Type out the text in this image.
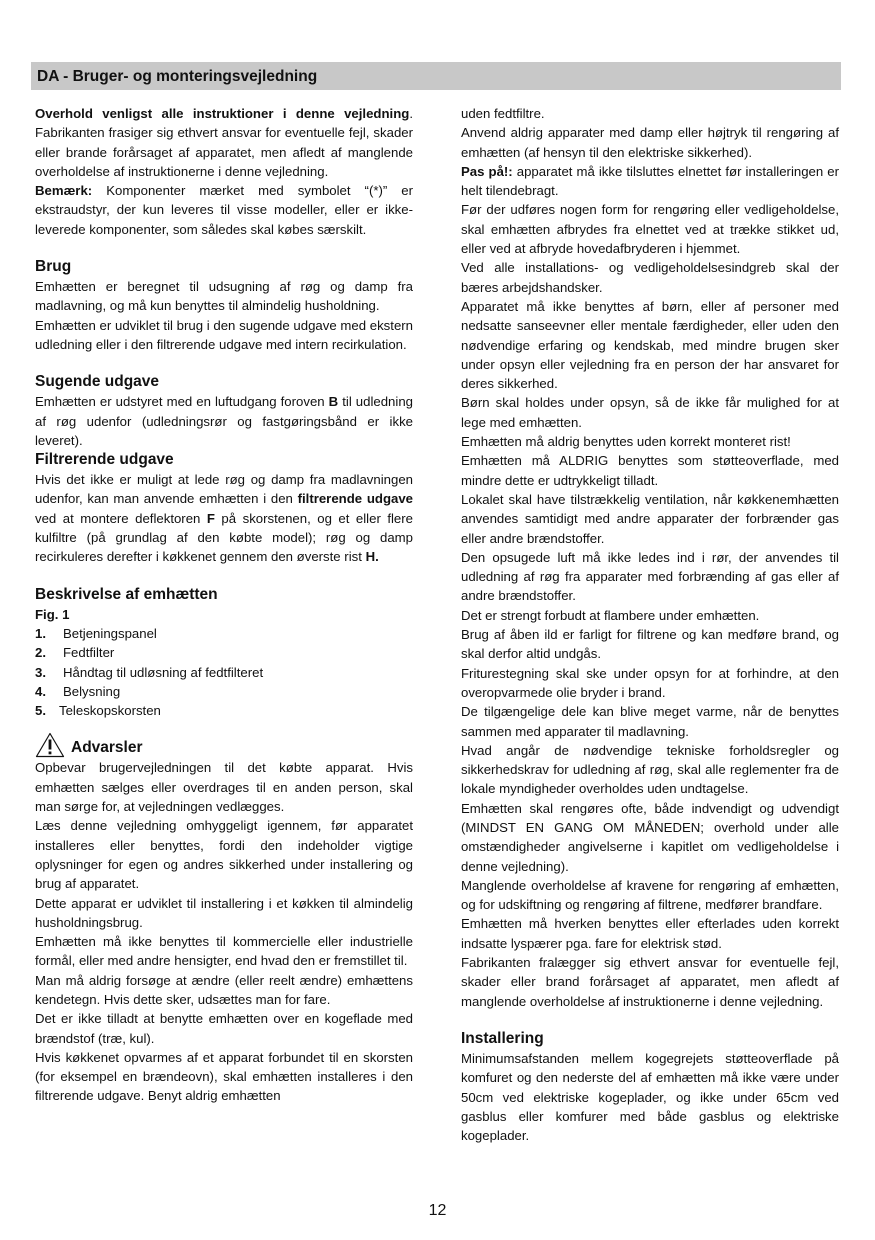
DA - Bruger- og monteringsvejledning

Overhold venligst alle instruktioner i denne vejledning. Fabrikanten frasiger sig ethvert ansvar for eventuelle fejl, skader eller brande forårsaget af apparatet, men afledt af manglende overholdelse af instruktionerne i denne vejledning.

Bemærk: Komponenter mærket med symbolet “(*)” er ekstraudstyr, der kun leveres til visse modeller, eller er ikke-leverede komponenter, som således skal købes særskilt.

Brug

Emhætten er beregnet til udsugning af røg og damp fra madlavning, og må kun benyttes til almindelig husholdning.

Emhætten er udviklet til brug i den sugende udgave med ekstern udledning eller i den filtrerende udgave med intern recirkulation.

Sugende udgave

Emhætten er udstyret med en luftudgang foroven B til udledning af røg udenfor (udledningsrør og fastgøringsbånd er ikke leveret).

Filtrerende udgave

Hvis det ikke er muligt at lede røg og damp fra madlavningen udenfor, kan man anvende emhætten i den filtrerende udgave ved at montere deflektoren F på skorstenen, og et eller flere kulfiltre (på grundlag af den købte model); røg og damp recirkuleres derefter i køkkenet gennem den øverste rist H.

Beskrivelse af emhætten

Fig. 1

1. Betjeningspanel
2. Fedtfilter
3. Håndtag til udløsning af fedtfilteret
4. Belysning
5. Teleskopskorsten
Advarsler

Opbevar brugervejledningen til det købte apparat. Hvis emhætten sælges eller overdrages til en anden person, skal man sørge for, at vejledningen vedlægges.

Læs denne vejledning omhyggeligt igennem, før apparatet installeres eller benyttes, fordi den indeholder vigtige oplysninger for egen og andres sikkerhed under installering og brug af apparatet.

Dette apparat er udviklet til installering i et køkken til almindelig husholdningsbrug.

Emhætten må ikke benyttes til kommercielle eller industrielle formål, eller med andre hensigter, end hvad den er fremstillet til.

Man må aldrig forsøge at ændre (eller reelt ændre) emhættens kendetegn. Hvis dette sker, udsættes man for fare.

Det er ikke tilladt at benytte emhætten over en kogeflade med brændstof (træ, kul).

Hvis køkkenet opvarmes af et apparat forbundet til en skorsten (for eksempel en brændeovn), skal emhætten installeres i den filtrerende udgave. Benyt aldrig emhætten

uden fedtfiltre.

Anvend aldrig apparater med damp eller højtryk til rengøring af emhætten (af hensyn til den elektriske sikkerhed).

Pas på!: apparatet må ikke tilsluttes elnettet før installeringen er helt tilendebragt.

Før der udføres nogen form for rengøring eller vedligeholdelse, skal emhætten afbrydes fra elnettet ved at trække stikket ud, eller ved at afbryde hovedafbryderen i hjemmet.

Ved alle installations- og vedligeholdelsesindgreb skal der bæres arbejdshandsker.

Apparatet må ikke benyttes af børn, eller af personer med nedsatte sanseevner eller mentale færdigheder, eller uden den nødvendige erfaring og kendskab, med mindre brugen sker under opsyn eller vejledning fra en person der har ansvaret for deres sikkerhed.

Børn skal holdes under opsyn, så de ikke får mulighed for at lege med emhætten.

Emhætten må aldrig benyttes uden korrekt monteret rist!

Emhætten må ALDRIG benyttes som støtteoverflade, med mindre dette er udtrykkeligt tilladt.

Lokalet skal have tilstrækkelig ventilation, når køkkenemhætten anvendes samtidigt med andre apparater der forbrænder gas eller andre brændstoffer.

Den opsugede luft må ikke ledes ind i rør, der anvendes til udledning af røg fra apparater med forbrænding af gas eller af andre brændstoffer.

Det er strengt forbudt at flambere under emhætten.

Brug af åben ild er farligt for filtrene og kan medføre brand, og skal derfor altid undgås.

Friturestegning skal ske under opsyn for at forhindre, at den overopvarmede olie bryder i brand.

De tilgængelige dele kan blive meget varme, når de benyttes sammen med apparater til madlavning.

Hvad angår de nødvendige tekniske forholdsregler og sikkerhedskrav for udledning af røg, skal alle reglementer fra de lokale myndigheder overholdes uden undtagelse.

Emhætten skal rengøres ofte, både indvendigt og udvendigt (MINDST EN GANG OM MÅNEDEN; overhold under alle omstændigheder angivelserne i kapitlet om vedligeholdelse i denne vejledning).

Manglende overholdelse af kravene for rengøring af emhætten, og for udskiftning og rengøring af filtrene, medfører brandfare.

Emhætten må hverken benyttes eller efterlades uden korrekt indsatte lyspærer pga. fare for elektrisk stød.

Fabrikanten fralægger sig ethvert ansvar for eventuelle fejl, skader eller brand forårsaget af apparatet, men afledt af manglende overholdelse af instruktionerne i denne vejledning.

Installering

Minimumsafstanden mellem kogegrejets støtteoverflade på komfuret og den nederste del af emhætten må ikke være under 50cm ved elektriske kogeplader, og ikke under 65cm ved gasblus eller komfurer med både gasblus og elektriske kogeplader.

12
